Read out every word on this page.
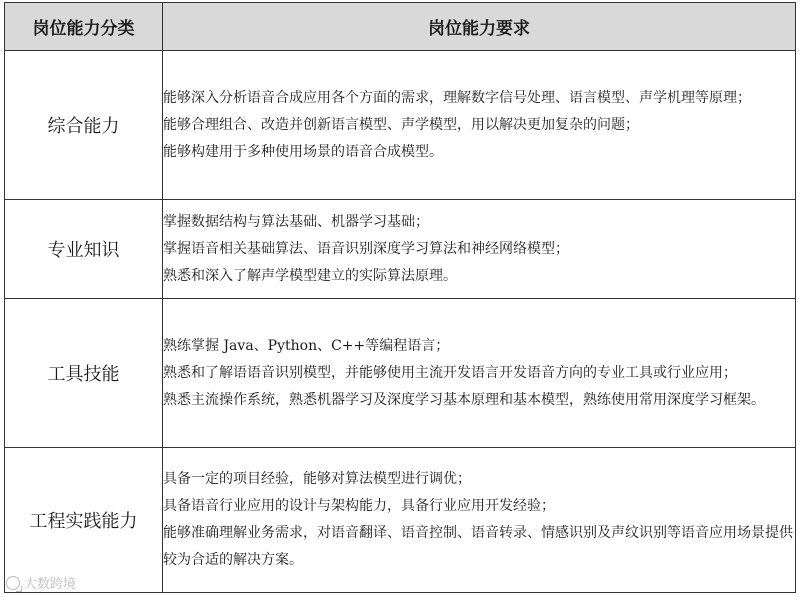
岗位能力分类	岗位能力要求
综合能力	能够深入分析语音合成应用各个方面的需求，理解数字信号处理、语言模型、声学机理等原理；

能够合理组合、改造并创新语言模型、声学模型，用以解决更加复杂的问题；

能够构建用于多种使用场景的语音合成模型。

专业知识	掌握数据结构与算法基础、机器学习基础；

掌握语音相关基础算法、语音识别深度学习算法和神经网络模型；

熟悉和深入了解声学模型建立的实际算法原理。

工具技能	熟练掌握 Java、Python、C++等编程语言；

熟悉和了解语语音识别模型，并能够使用主流开发语言开发语音方向的专业工具或行业应用；

熟悉主流操作系统，熟悉机器学习及深度学习基本原理和基本模型，熟练使用常用深度学习框架。

工程实践能力	具备一定的项目经验，能够对算法模型进行调优；

具备语音行业应用的设计与架构能力，具备行业应用开发经验；

能够准确理解业务需求，对语音翻译、语音控制、语音转录、情感识别及声纹识别等语音应用场景提供较为合适的解决方案。

大数跨境
